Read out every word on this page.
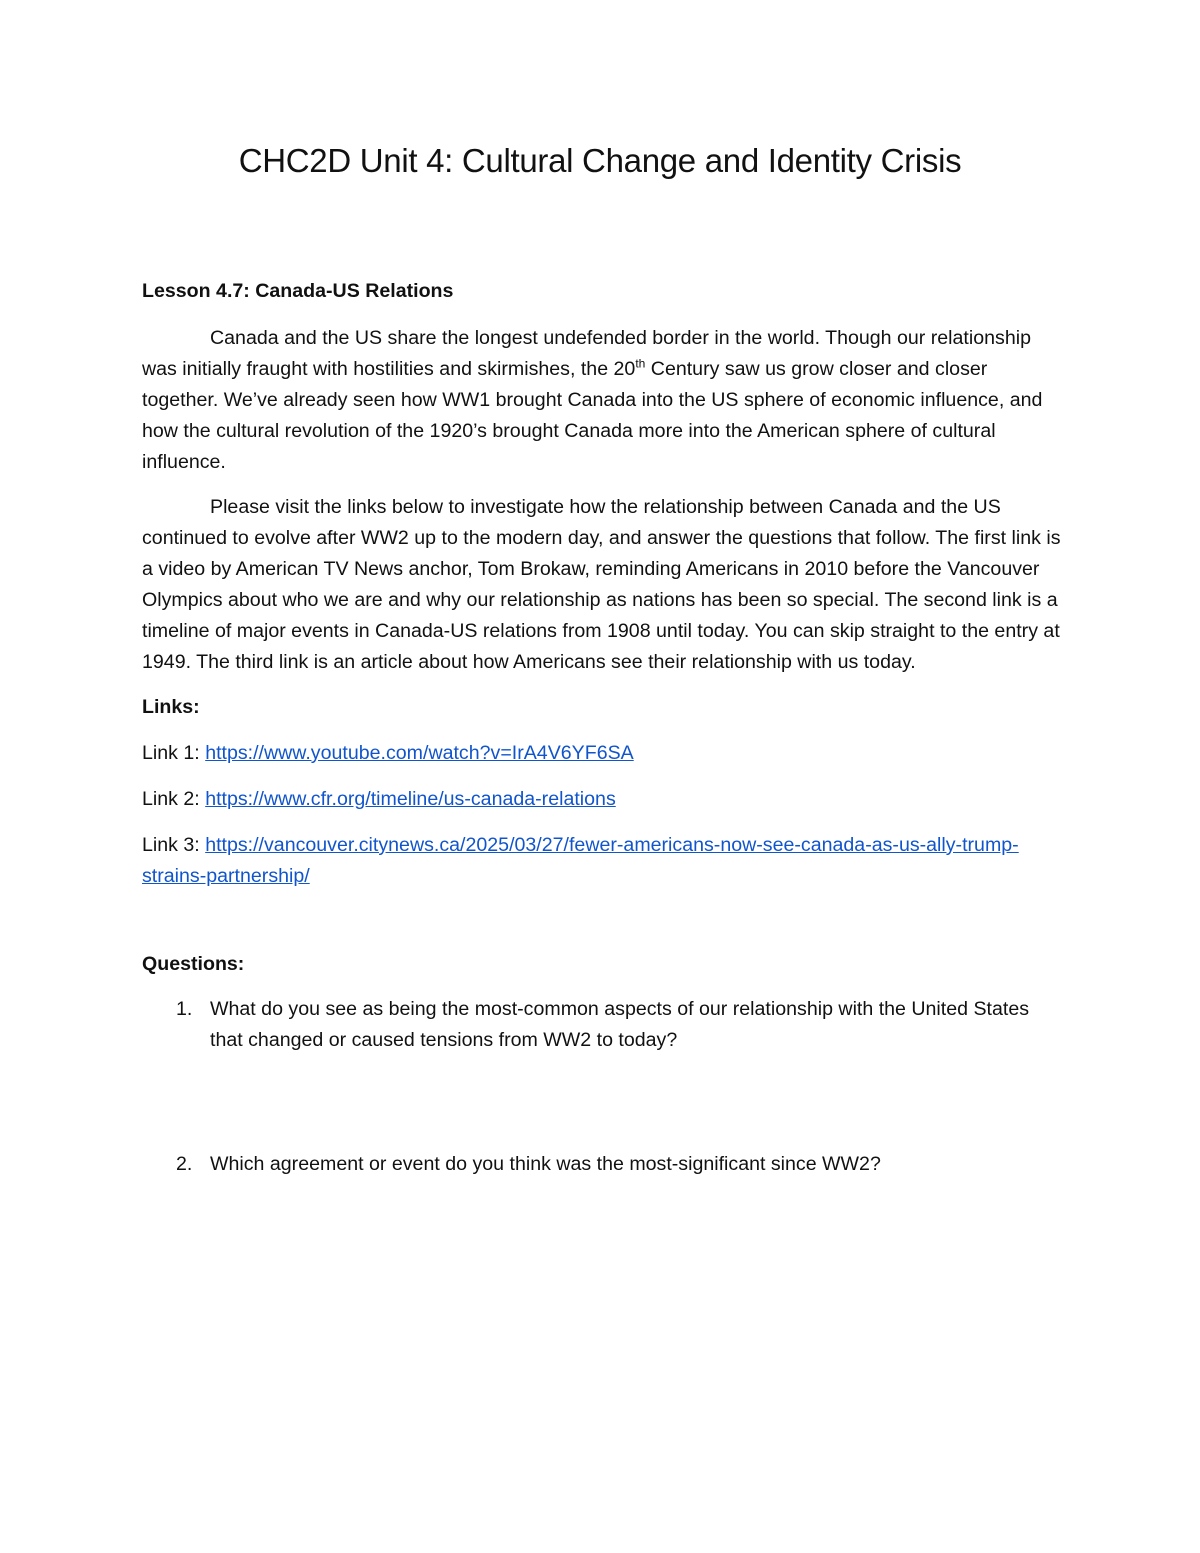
CHC2D Unit 4: Cultural Change and Identity Crisis

Lesson 4.7: Canada-US Relations

Canada and the US share the longest undefended border in the world. Though our relationship was initially fraught with hostilities and skirmishes, the 20th Century saw us grow closer and closer together. We’ve already seen how WW1 brought Canada into the US sphere of economic influence, and how the cultural revolution of the 1920’s brought Canada more into the American sphere of cultural influence.

Please visit the links below to investigate how the relationship between Canada and the US continued to evolve after WW2 up to the modern day, and answer the questions that follow. The first link is a video by American TV News anchor, Tom Brokaw, reminding Americans in 2010 before the Vancouver Olympics about who we are and why our relationship as nations has been so special. The second link is a timeline of major events in Canada-US relations from 1908 until today. You can skip straight to the entry at 1949. The third link is an article about how Americans see their relationship with us today.

Links:

Link 1: https://www.youtube.com/watch?v=IrA4V6YF6SA

Link 2: https://www.cfr.org/timeline/us-canada-relations

Link 3: https://vancouver.citynews.ca/2025/03/27/fewer-americans-now-see-canada-as-us-ally-trump-strains-partnership/

Questions:

1. What do you see as being the most-common aspects of our relationship with the United States that changed or caused tensions from WW2 to today?
2. Which agreement or event do you think was the most-significant since WW2?
